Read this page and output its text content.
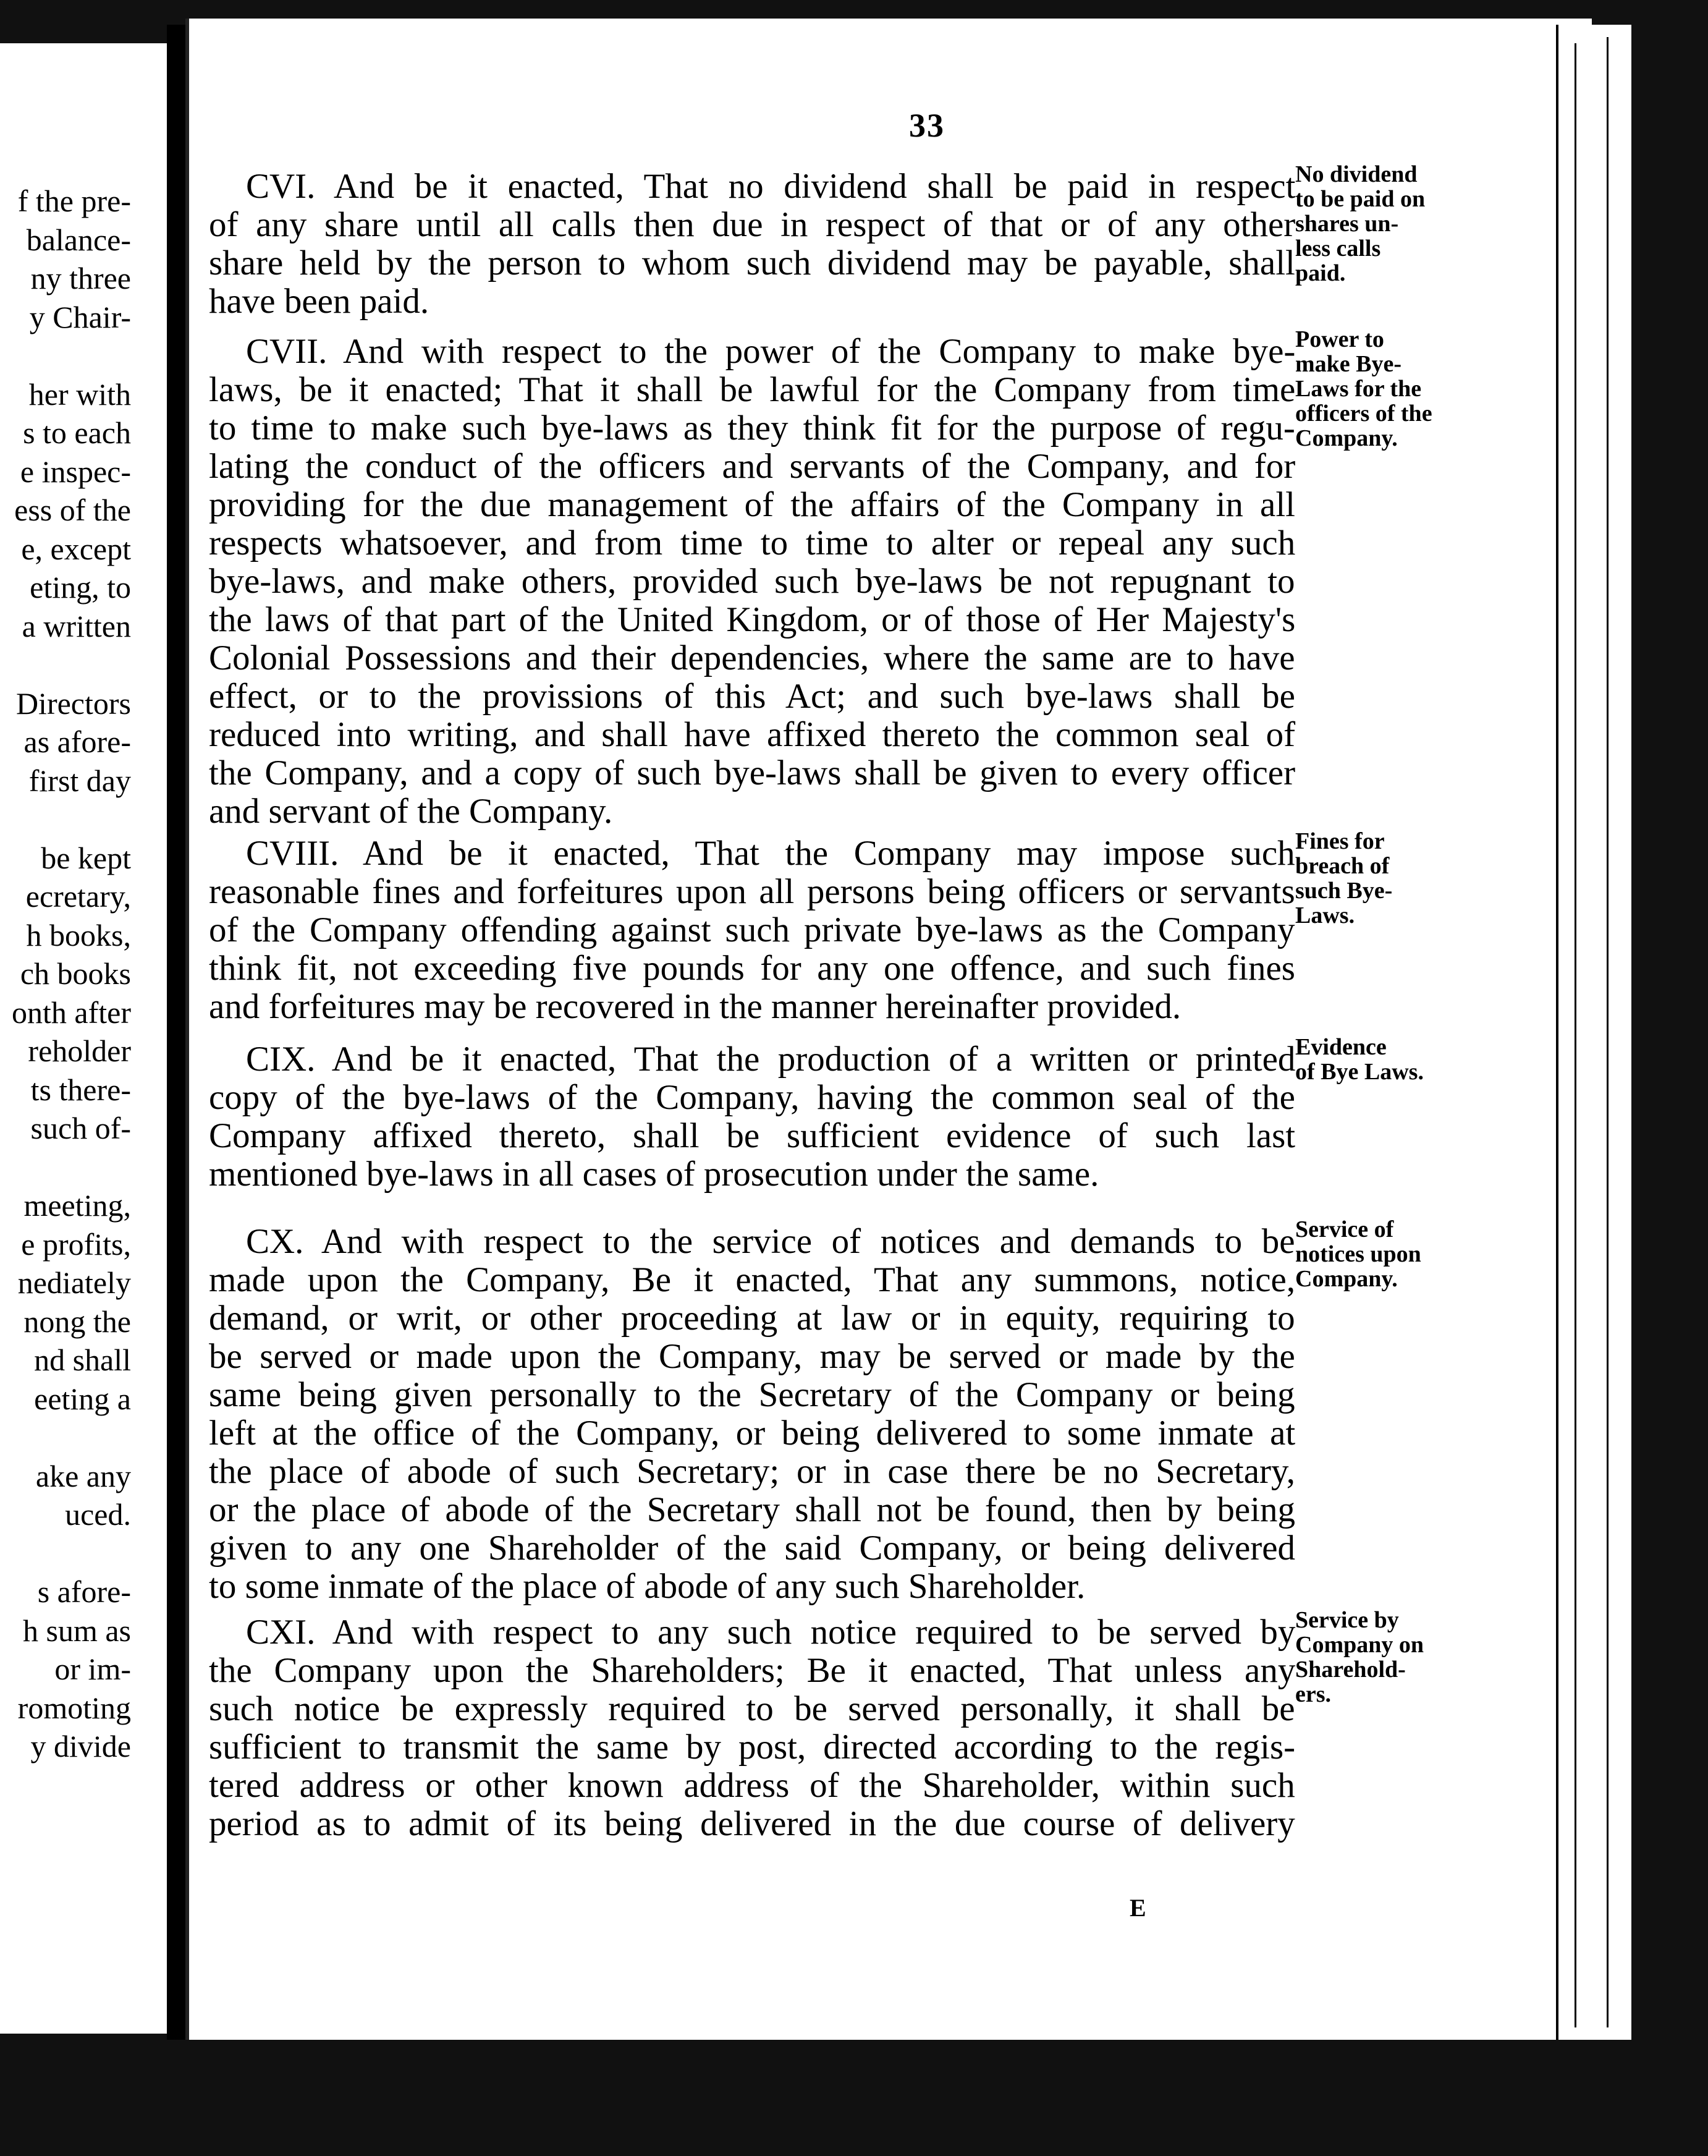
f the pre-
balance-
ny three
y Chair-
her with
s to each
e inspec-
ess of the
e, except
eting, to
a written
Directors
as afore-
first day
be kept
ecretary,
h books,
ch books
onth after
reholder
ts there-
such of-
meeting,
e profits,
nediately
nong the
nd shall
eeting a
ake any
uced.
s afore-
h sum as
or im-
romoting
y divide
33
CVI. And be it enacted, That no dividend shall be paid in respect
of any share until all calls then due in respect of that or of any other
share held by the person to whom such dividend may be payable, shall
have been paid.
No dividend
to be paid on
shares un-
less calls
paid.
CVII. And with respect to the power of the Company to make bye-
laws, be it enacted; That it shall be lawful for the Company from time
to time to make such bye-laws as they think fit for the purpose of regu-
lating the conduct of the officers and servants of the Company, and for
providing for the due management of the affairs of the Company in all
respects whatsoever, and from time to time to alter or repeal any such
bye-laws, and make others, provided such bye-laws be not repugnant to
the laws of that part of the United Kingdom, or of those of Her Majesty's
Colonial Possessions and their dependencies, where the same are to have
effect, or to the provissions of this Act; and such bye-laws shall be
reduced into writing, and shall have affixed thereto the common seal of
the Company, and a copy of such bye-laws shall be given to every officer
and servant of the Company.
Power to
make Bye-
Laws for the
officers of the
Company.
CVIII. And be it enacted, That the Company may impose such
reasonable fines and forfeitures upon all persons being officers or servants
of the Company offending against such private bye-laws as the Company
think fit, not exceeding five pounds for any one offence, and such fines
and forfeitures may be recovered in the manner hereinafter provided.
Fines for
breach of
such Bye-
Laws.
CIX. And be it enacted, That the production of a written or printed
copy of the bye-laws of the Company, having the common seal of the
Company affixed thereto, shall be sufficient evidence of such last
mentioned bye-laws in all cases of prosecution under the same.
Evidence
of Bye Laws.
CX. And with respect to the service of notices and demands to be
made upon the Company, Be it enacted, That any summons, notice,
demand, or writ, or other proceeding at law or in equity, requiring to
be served or made upon the Company, may be served or made by the
same being given personally to the Secretary of the Company or being
left at the office of the Company, or being delivered to some inmate at
the place of abode of such Secretary; or in case there be no Secretary,
or the place of abode of the Secretary shall not be found, then by being
given to any one Shareholder of the said Company, or being delivered
to some inmate of the place of abode of any such Shareholder.
Service of
notices upon
Company.
CXI. And with respect to any such notice required to be served by
the Company upon the Shareholders; Be it enacted, That unless any
such notice be expressly required to be served personally, it shall be
sufficient to transmit the same by post, directed according to the regis-
tered address or other known address of the Shareholder, within such
period as to admit of its being delivered in the due course of delivery
Service by
Company on
Sharehold-
ers.
E
